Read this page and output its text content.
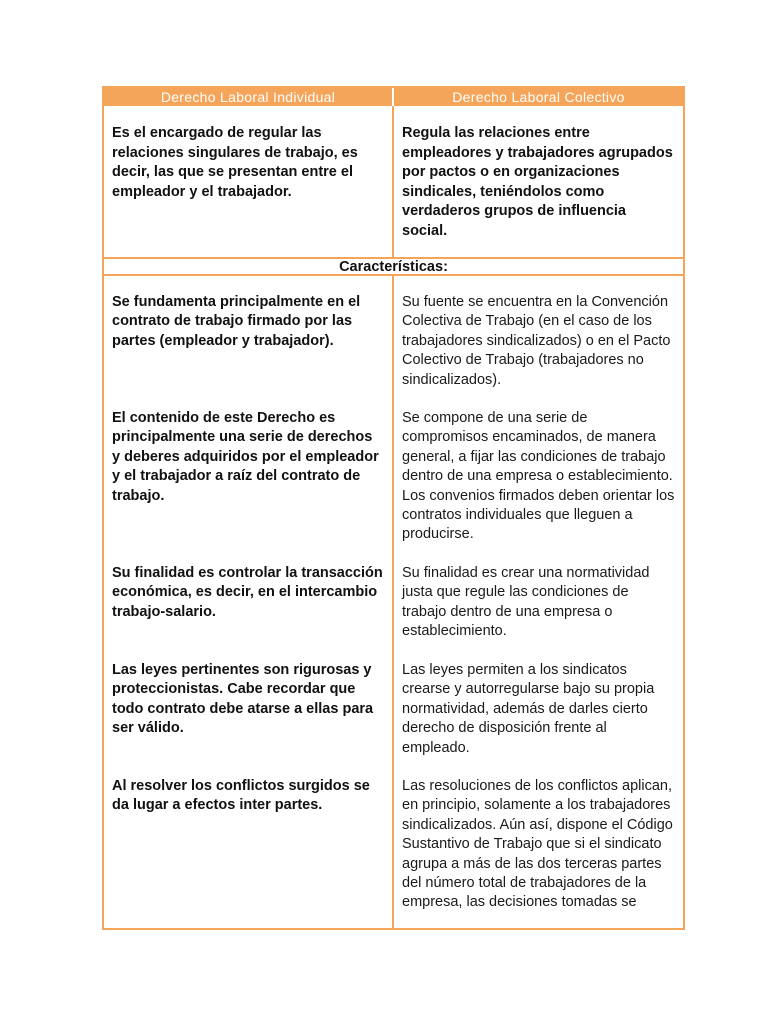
Derecho Laboral Individual	Derecho Laboral Colectivo
Es el encargado de regular las relaciones singulares de trabajo, es decir, las que se presentan entre el empleador y el trabajador.
Regula las relaciones entre empleadores y trabajadores agrupados por pactos o en organizaciones sindicales, teniéndolos como verdaderos grupos de influencia social.
Características:
Se fundamenta principalmente en el contrato de trabajo firmado por las partes (empleador y trabajador).
El contenido de este Derecho es principalmente una serie de derechos y deberes adquiridos por el empleador y el trabajador a raíz del contrato de trabajo.
Su finalidad es controlar la transacción económica, es decir, en el intercambio trabajo-salario.
Las leyes pertinentes son rigurosas y proteccionistas. Cabe recordar que todo contrato debe atarse a ellas para ser válido.
Al resolver los conflictos surgidos se da lugar a efectos inter partes.
Su fuente se encuentra en la Convención Colectiva de Trabajo (en el caso de los trabajadores sindicalizados) o en el Pacto Colectivo de Trabajo (trabajadores no sindicalizados).
Se compone de una serie de compromisos encaminados, de manera general, a fijar las condiciones de trabajo dentro de una empresa o establecimiento. Los convenios firmados deben orientar los contratos individuales que lleguen a producirse.
Su finalidad es crear una normatividad justa que regule las condiciones de trabajo dentro de una empresa o establecimiento.
Las leyes permiten a los sindicatos crearse y autorregularse bajo su propia normatividad, además de darles cierto derecho de disposición frente al empleado.
Las resoluciones de los conflictos aplican, en principio, solamente a los trabajadores sindicalizados. Aún así, dispone el Código Sustantivo de Trabajo que si el sindicato agrupa a más de las dos terceras partes del número total de trabajadores de la empresa, las decisiones tomadas se
